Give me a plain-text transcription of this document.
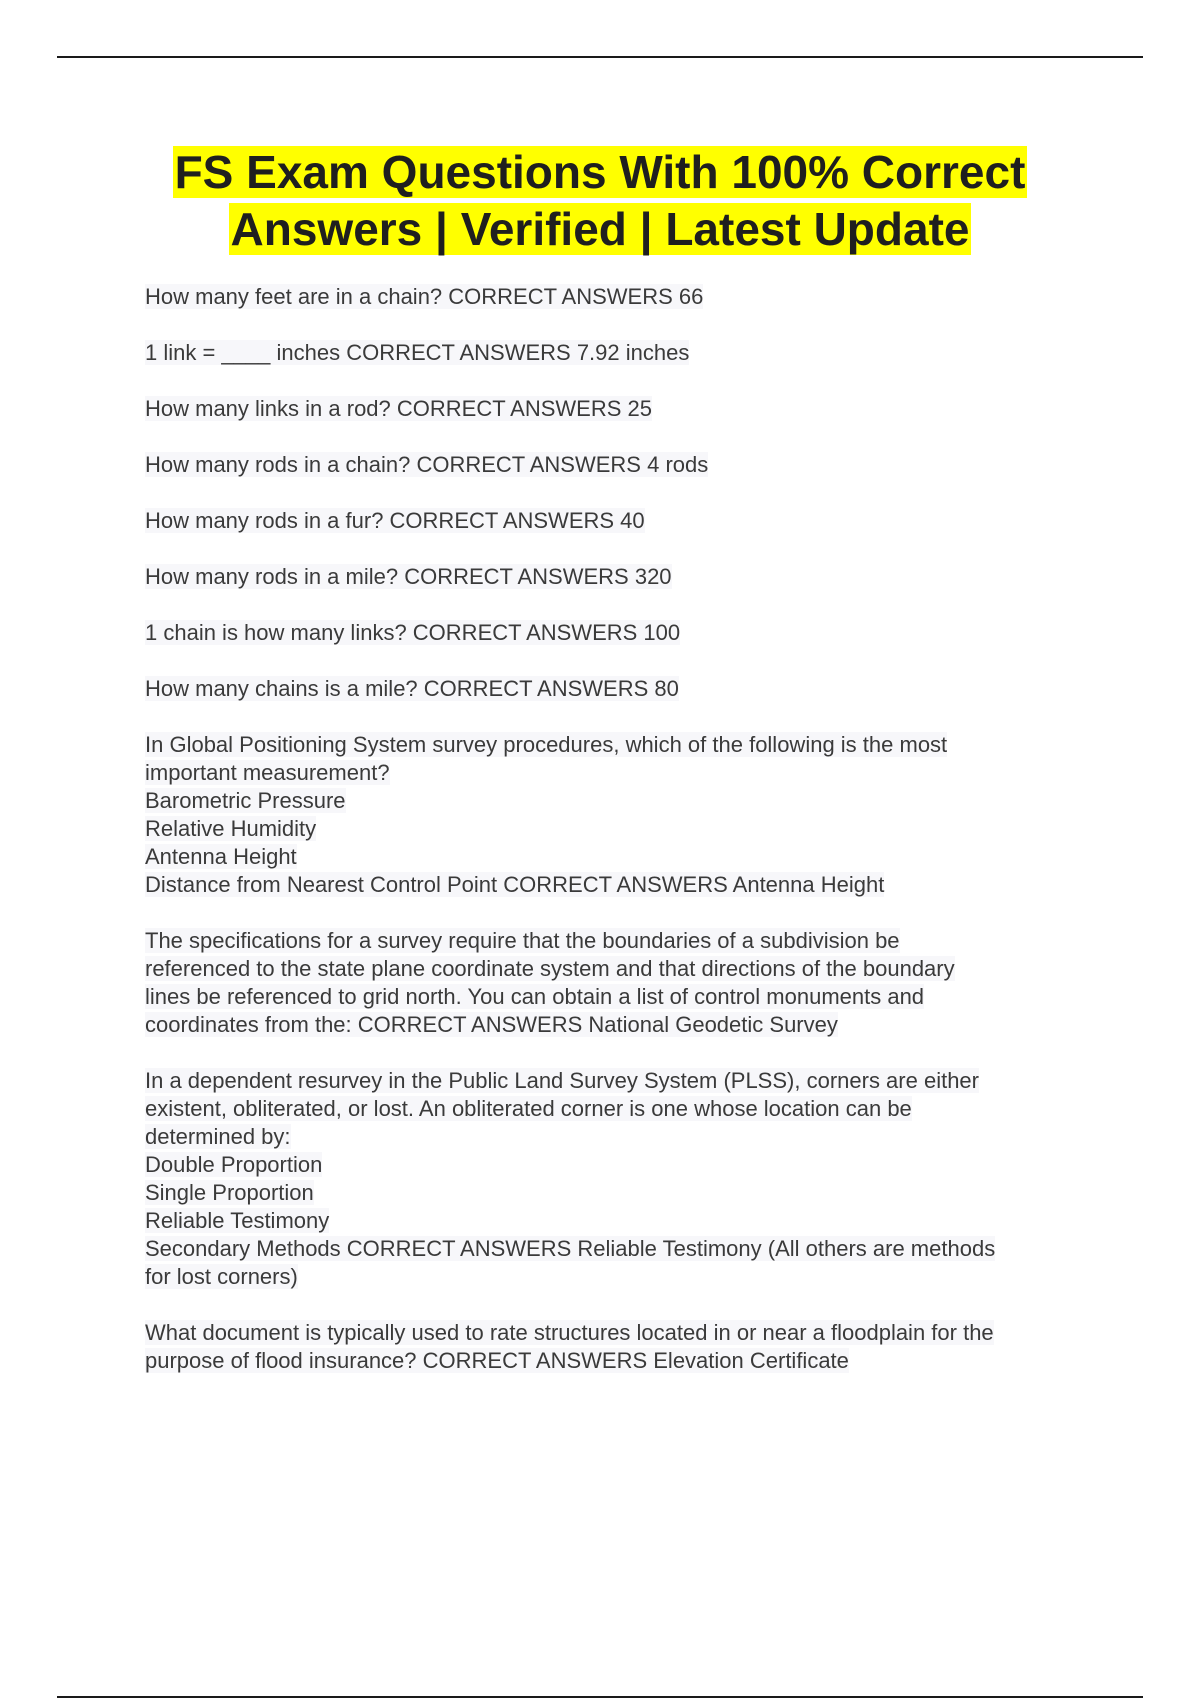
FS Exam Questions With 100% Correct
Answers | Verified | Latest Update

How many feet are in a chain? CORRECT ANSWERS 66

1 link = ____ inches CORRECT ANSWERS 7.92 inches

How many links in a rod? CORRECT ANSWERS 25

How many rods in a chain? CORRECT ANSWERS 4 rods

How many rods in a fur? CORRECT ANSWERS 40

How many rods in a mile? CORRECT ANSWERS 320

1 chain is how many links? CORRECT ANSWERS 100

How many chains is a mile? CORRECT ANSWERS 80

In Global Positioning System survey procedures, which of the following is the most
important measurement?
Barometric Pressure
Relative Humidity
Antenna Height
Distance from Nearest Control Point CORRECT ANSWERS Antenna Height

The specifications for a survey require that the boundaries of a subdivision be
referenced to the state plane coordinate system and that directions of the boundary
lines be referenced to grid north. You can obtain a list of control monuments and
coordinates from the: CORRECT ANSWERS National Geodetic Survey

In a dependent resurvey in the Public Land Survey System (PLSS), corners are either
existent, obliterated, or lost. An obliterated corner is one whose location can be
determined by:
Double Proportion
Single Proportion
Reliable Testimony
Secondary Methods CORRECT ANSWERS Reliable Testimony (All others are methods
for lost corners)

What document is typically used to rate structures located in or near a floodplain for the
purpose of flood insurance? CORRECT ANSWERS Elevation Certificate
